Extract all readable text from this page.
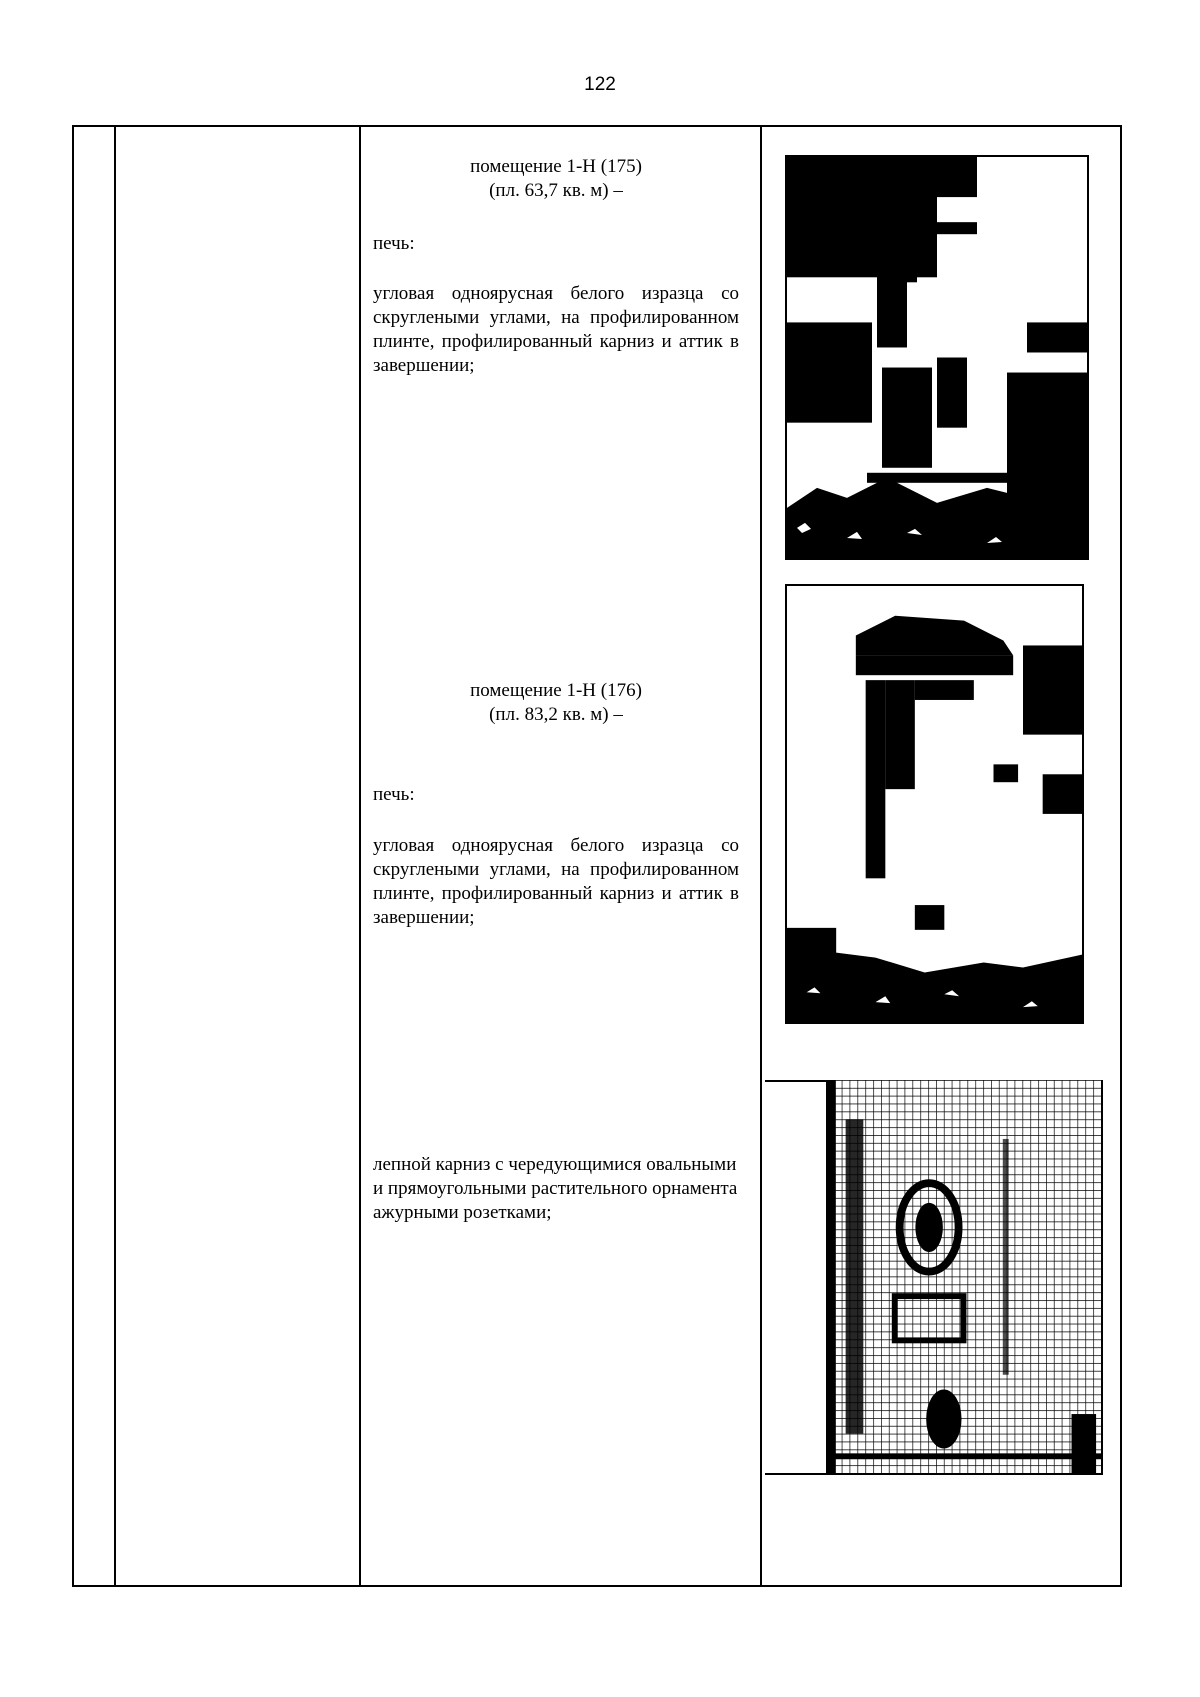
122
помещение 1-Н (175)
(пл. 63,7 кв. м) –
печь:
угловая одноярусная белого изразца со скруглеными углами, на профилированном плинте, профилированный карниз и аттик в завершении;
помещение 1-Н (176)
(пл. 83,2 кв. м) –
печь:
угловая одноярусная белого изразца со скруглеными углами, на профилированном плинте, профилированный карниз и аттик в завершении;
лепной карниз с чередующимися овальными и прямоугольными растительного орнамента ажурными розетками;
